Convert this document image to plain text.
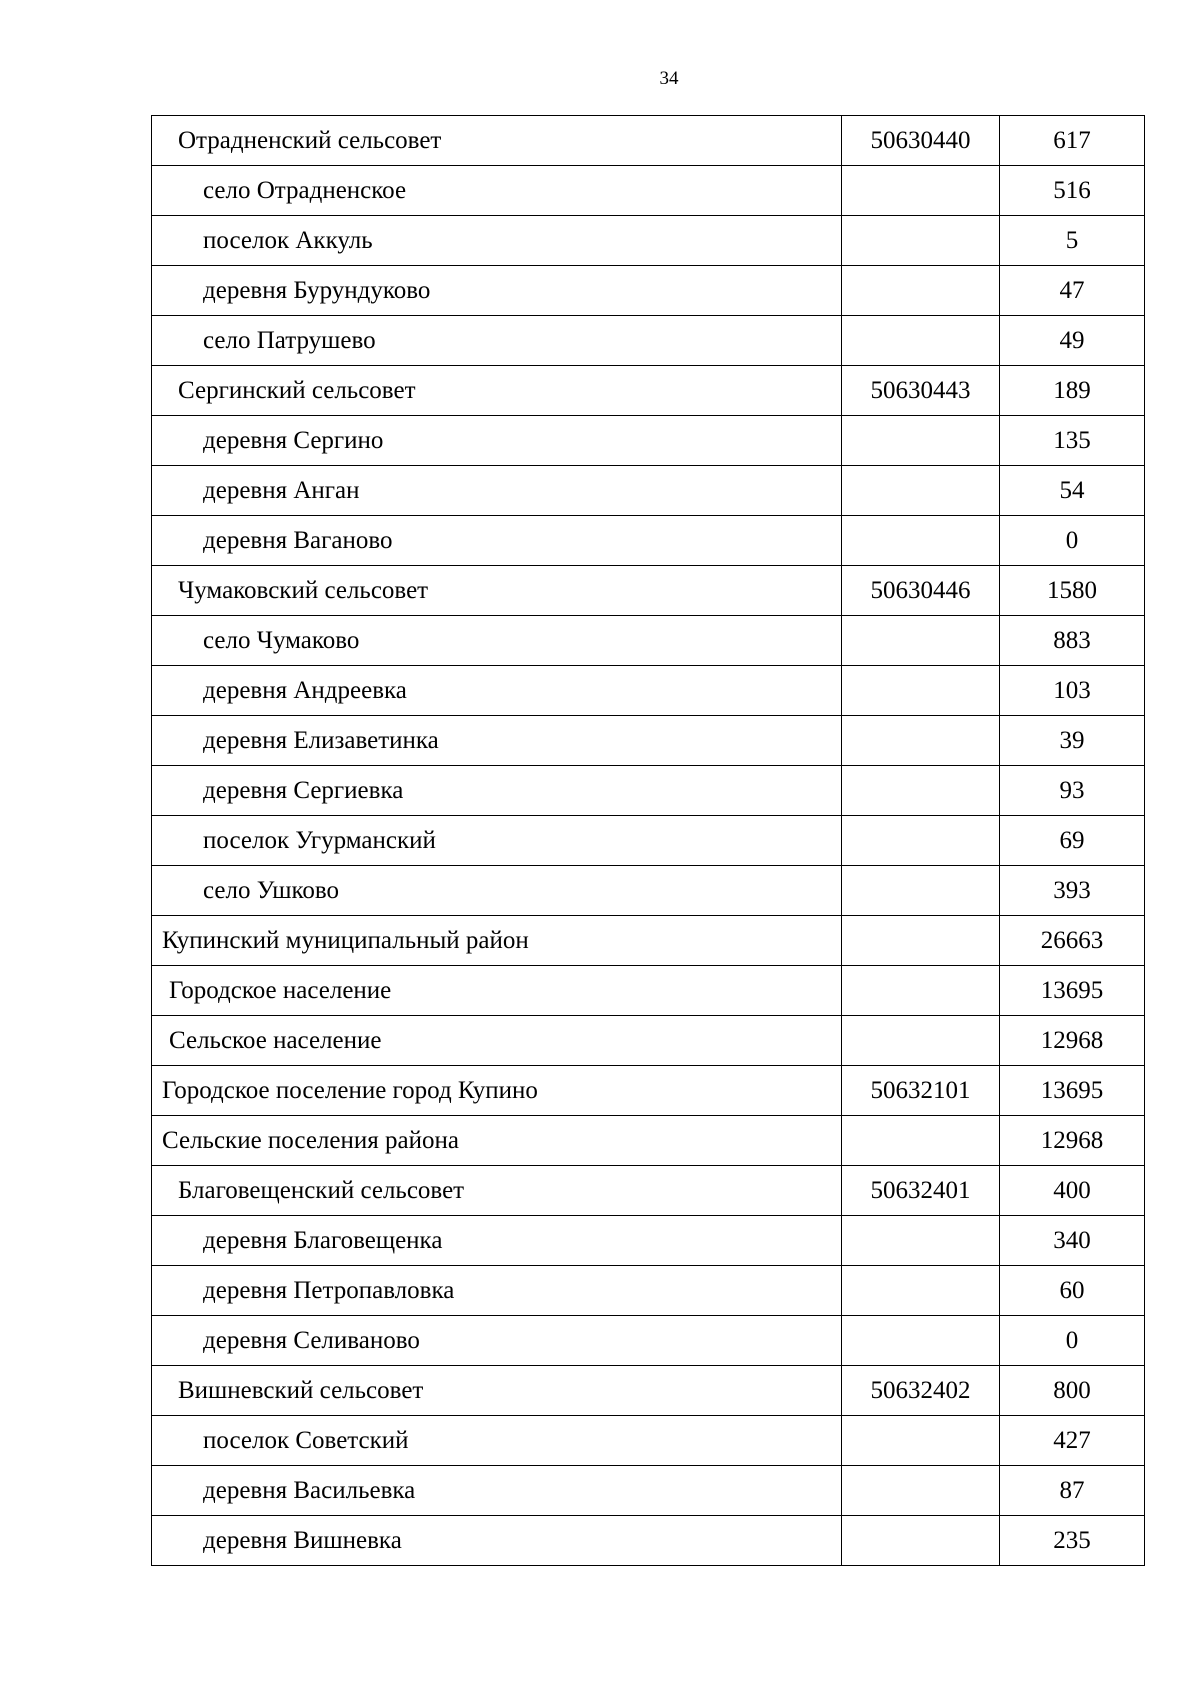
34
Отрадненский сельсовет	50630440	617
село Отрадненское		516
поселок Аккуль		5
деревня Бурундуково		47
село Патрушево		49
Сергинский сельсовет	50630443	189
деревня Сергино		135
деревня Анган		54
деревня Ваганово		0
Чумаковский сельсовет	50630446	1580
село Чумаково		883
деревня Андреевка		103
деревня Елизаветинка		39
деревня Сергиевка		93
поселок Угурманский		69
село Ушково		393
Купинский муниципальный район		26663
Городское население		13695
Сельское население		12968
Городское поселение город Купино	50632101	13695
Сельские поселения района		12968
Благовещенский сельсовет	50632401	400
деревня Благовещенка		340
деревня Петропавловка		60
деревня Селиваново		0
Вишневский сельсовет	50632402	800
поселок Советский		427
деревня Васильевка		87
деревня Вишневка		235
